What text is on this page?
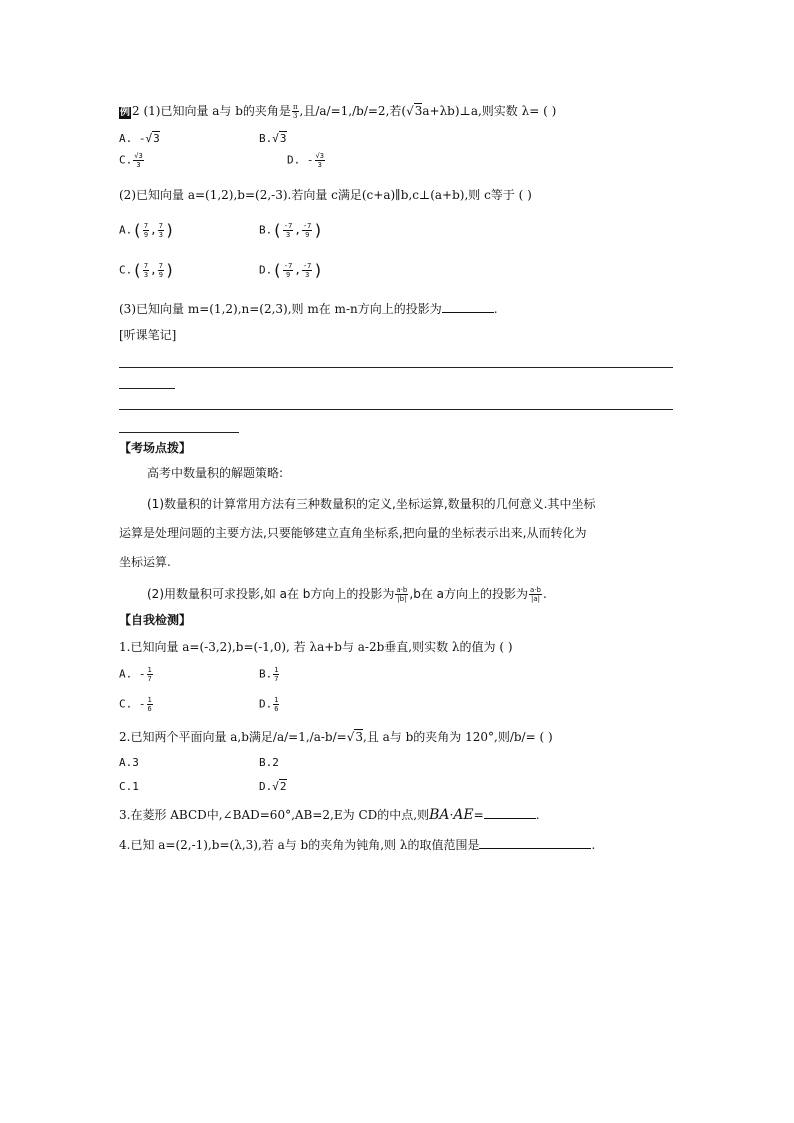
例 2 (1)已知向量 a与 b的夹角是 $\frac{\pi}{3}$ ,且/a/=1,/b/=2,若(√3a+λb)⊥a,则实数 λ= ( )
A. -√3	B.√3
C. $\frac{√3}{3}$	D. - $\frac{√3}{3}$
(2)已知向量 a=(1,2),b=(2,-3).若向量 c满足(c+a)∥b,c⊥(a+b),则 c等于 ( )
$A.( \frac{7}{9}$ , $\frac{7}{3}$ )	$B.( \frac{-7}{3}$ , $\frac{-7}{9}$ )
$C.( \frac{7}{3}$ , $\frac{7}{9}$ )	$D.( \frac{-7}{9}$ , $\frac{-7}{3}$ )
(3)已知向量 m=(1,2),n=(2,3),则 m在 m-n方向上的投影为	.
[听课笔记]
【考场点拨】
高考中数量积的解题策略:
(1)数量积的计算常用方法有三种数量积的定义,坐标运算,数量积的几何意义.其中坐标
运算是处理问题的主要方法,只要能够建立直角坐标系,把向量的坐标表示出来,从而转化为
坐标运算.
(2)用数量积可求投影,如 a在 b方向上的投影为 $\frac{a\cdot b}{|b|} ,b$在 a方向上的投影为 $\frac{a\cdot b}{|a|}$ .
【自我检测】
1.已知向量 a=(-3,2),b=(-1,0), 若 λa+b与 a-2b垂直,则实数 λ的值为 ( )
A. - $\frac{1}{7}$	B. $\frac{1}{7}$
C. - $\frac{1}{6}$	D. $\frac{1}{6}$
2.已知两个平面向量 a,b满足/a/=1,/a-b/=√3,且 a与 b的夹角为 120°,则/b/= ( )
A.3	B.2
C.1	D.√2
3.在菱形 ABCD中,∠BAD=60°,AB=2,E为 CD的中点,则BA·AE=	.
4.已知 a=(2,-1),b=(λ,3),若 a与 b的夹角为钝角,则 λ的取值范围是	.
